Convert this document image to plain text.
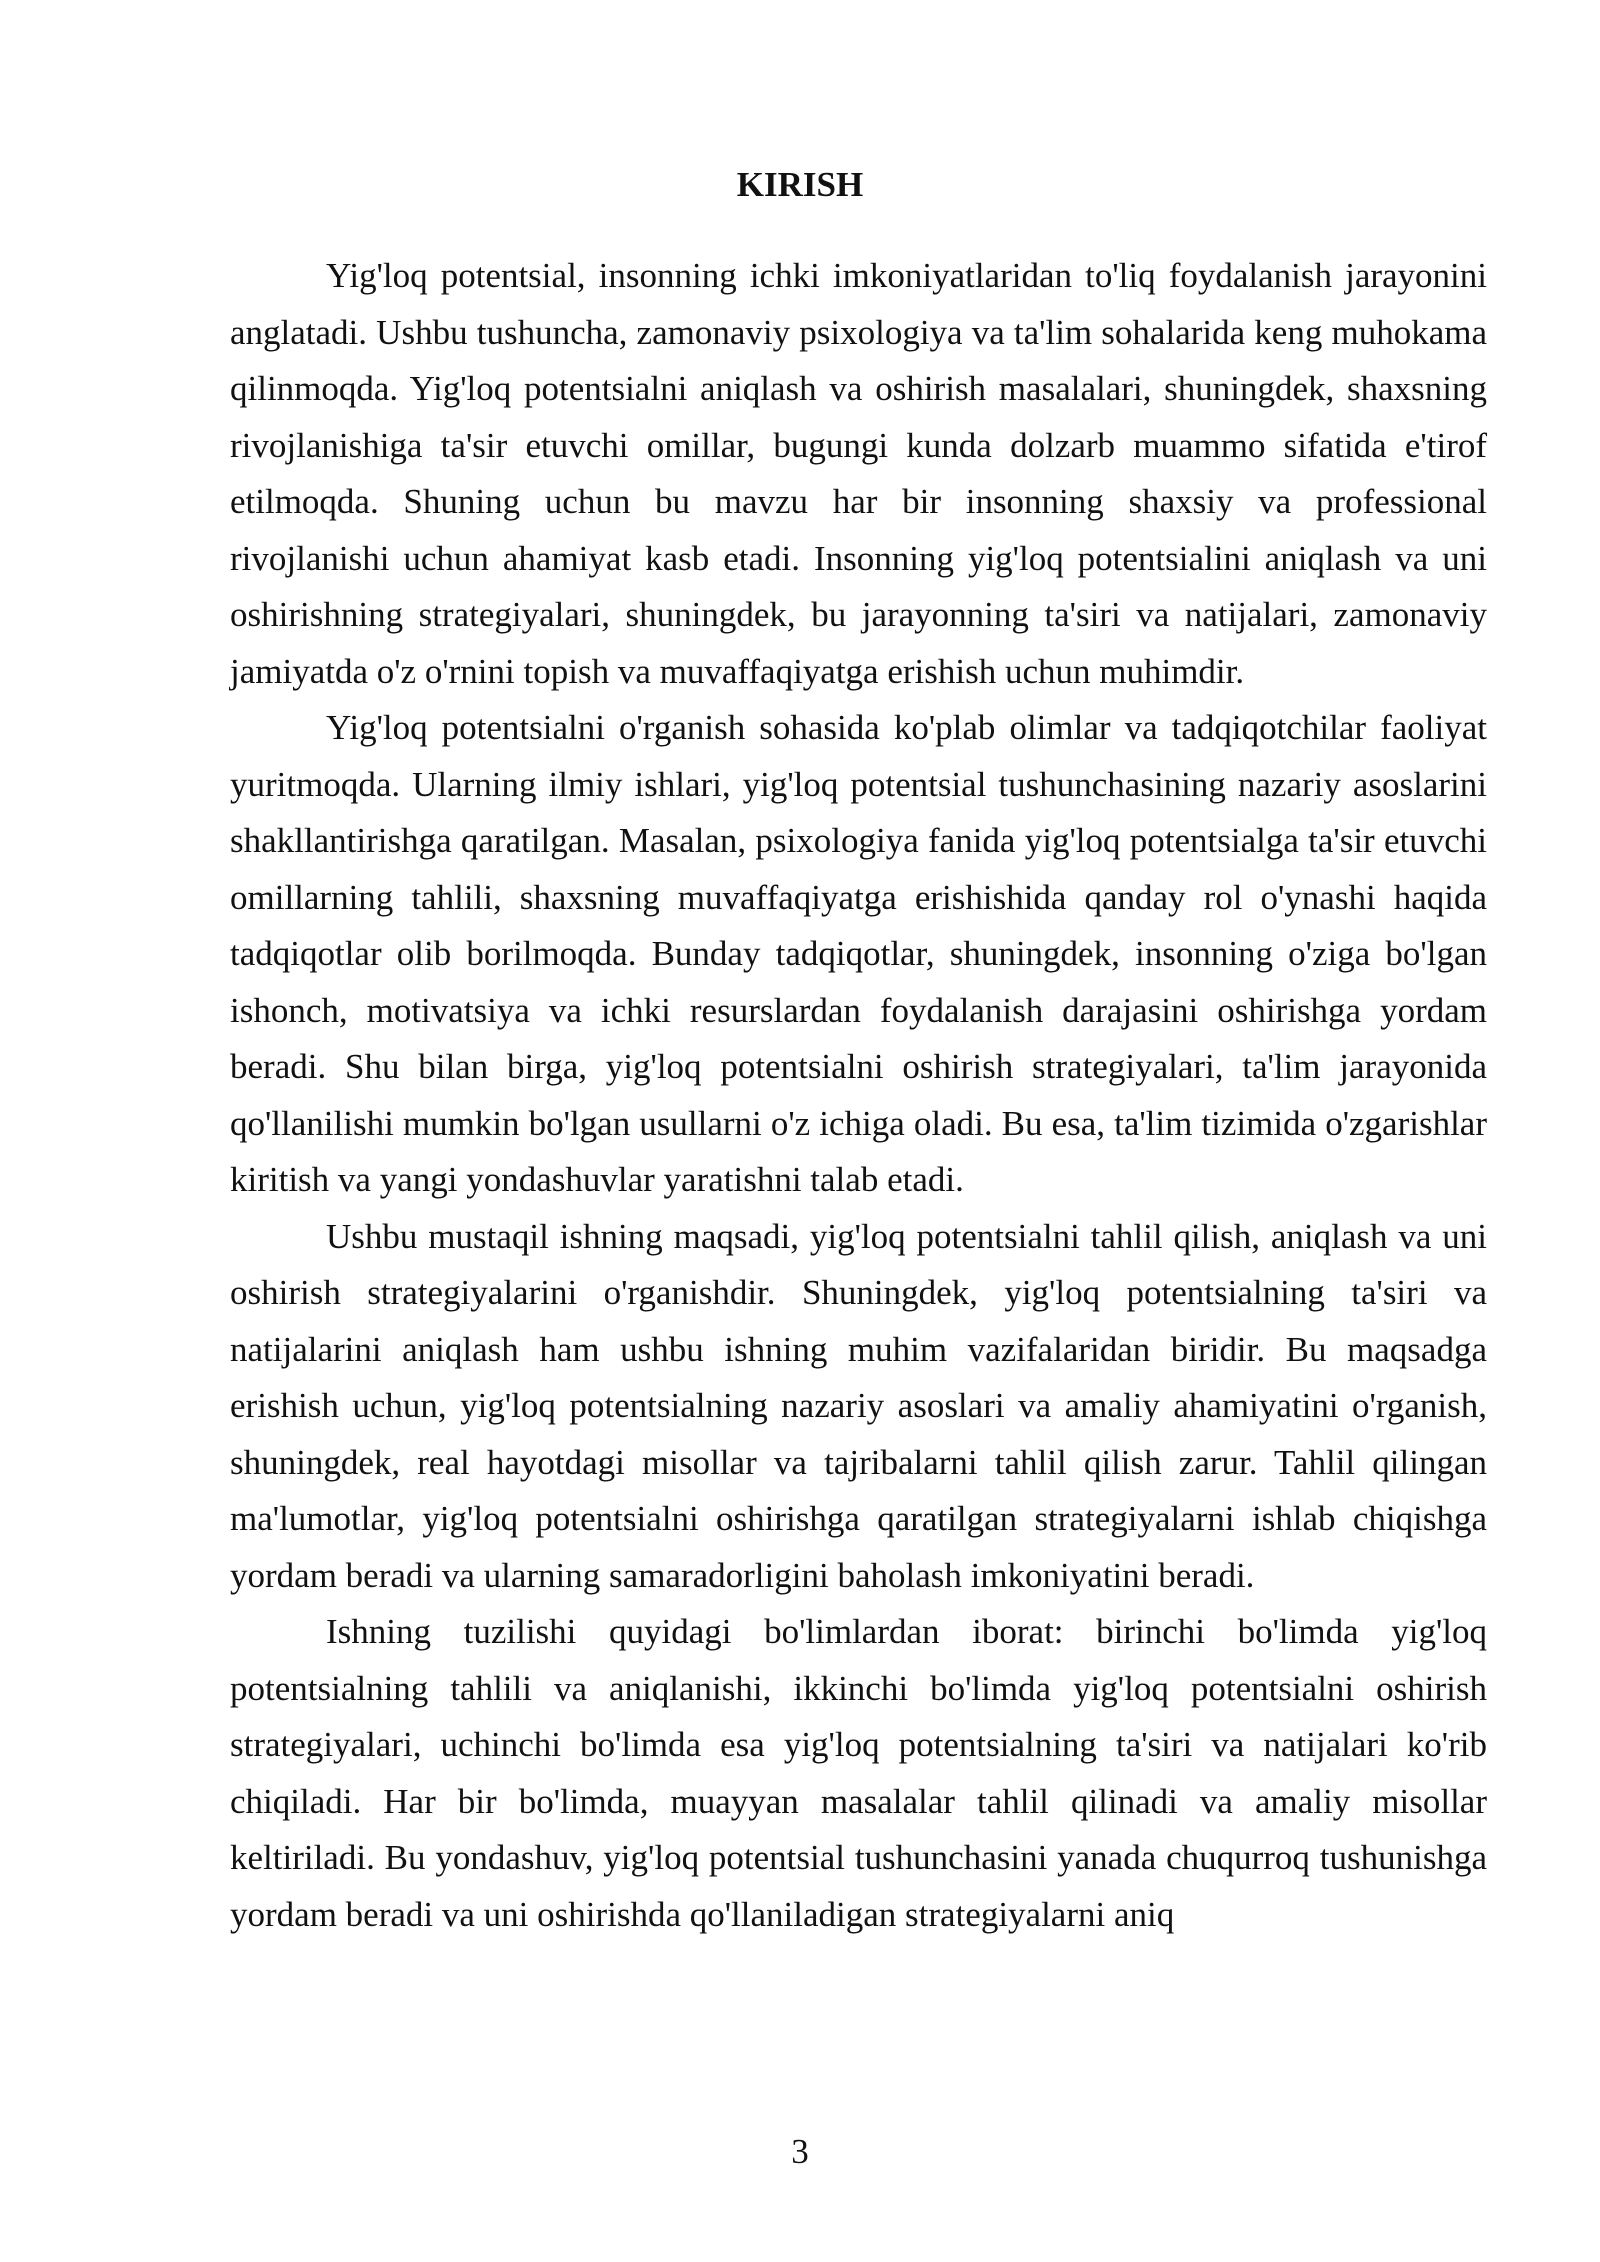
KIRISH

Yig'loq potentsial, insonning ichki imkoniyatlaridan to'liq foydalanish jarayonini anglatadi. Ushbu tushuncha, zamonaviy psixologiya va ta'lim sohalarida keng muhokama qilinmoqda. Yig'loq potentsialni aniqlash va oshirish masalalari, shuningdek, shaxsning rivojlanishiga ta'sir etuvchi omillar, bugungi kunda dolzarb muammo sifatida e'tirof etilmoqda. Shuning uchun bu mavzu har bir insonning shaxsiy va professional rivojlanishi uchun ahamiyat kasb etadi. Insonning yig'loq potentsialini aniqlash va uni oshirishning strategiyalari, shuningdek, bu jarayonning ta'siri va natijalari, zamonaviy jamiyatda o'z o'rnini topish va muvaffaqiyatga erishish uchun muhimdir.

Yig'loq potentsialni o'rganish sohasida ko'plab olimlar va tadqiqotchilar faoliyat yuritmoqda. Ularning ilmiy ishlari, yig'loq potentsial tushunchasining nazariy asoslarini shakllantirishga qaratilgan. Masalan, psixologiya fanida yig'loq potentsialga ta'sir etuvchi omillarning tahlili, shaxsning muvaffaqiyatga erishishida qanday rol o'ynashi haqida tadqiqotlar olib borilmoqda. Bunday tadqiqotlar, shuningdek, insonning o'ziga bo'lgan ishonch, motivatsiya va ichki resurslardan foydalanish darajasini oshirishga yordam beradi. Shu bilan birga, yig'loq potentsialni oshirish strategiyalari, ta'lim jarayonida qo'llanilishi mumkin bo'lgan usullarni o'z ichiga oladi. Bu esa, ta'lim tizimida o'zgarishlar kiritish va yangi yondashuvlar yaratishni talab etadi.

Ushbu mustaqil ishning maqsadi, yig'loq potentsialni tahlil qilish, aniqlash va uni oshirish strategiyalarini o'rganishdir. Shuningdek, yig'loq potentsialning ta'siri va natijalarini aniqlash ham ushbu ishning muhim vazifalaridan biridir. Bu maqsadga erishish uchun, yig'loq potentsialning nazariy asoslari va amaliy ahamiyatini o'rganish, shuningdek, real hayotdagi misollar va tajribalarni tahlil qilish zarur. Tahlil qilingan ma'lumotlar, yig'loq potentsialni oshirishga qaratilgan strategiyalarni ishlab chiqishga yordam beradi va ularning samaradorligini baholash imkoniyatini beradi.

Ishning tuzilishi quyidagi bo'limlardan iborat: birinchi bo'limda yig'loq potentsialning tahlili va aniqlanishi, ikkinchi bo'limda yig'loq potentsialni oshirish strategiyalari, uchinchi bo'limda esa yig'loq potentsialning ta'siri va natijalari ko'rib chiqiladi. Har bir bo'limda, muayyan masalalar tahlil qilinadi va amaliy misollar keltiriladi. Bu yondashuv, yig'loq potentsial tushunchasini yanada chuqurroq tushunishga yordam beradi va uni oshirishda qo'llaniladigan strategiyalarni aniq

3
